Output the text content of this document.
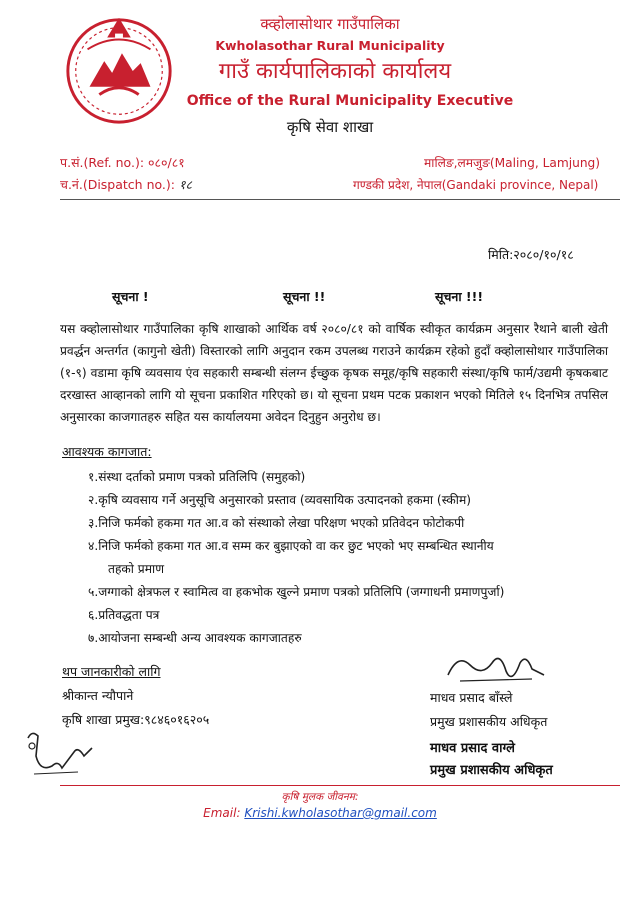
क्व्होलासोथार गाउँपालिका
Kwholasothar Rural Municipality
गाउँ कार्यपालिकाको कार्यालय
Office of the Rural Municipality Executive
कृषि सेवा शाखा
प.सं.(Ref. no.): ०८०/८१
च.नं.(Dispatch no.): १८
मालिङ,लमजुङ(Maling, Lamjung)
गण्डकी प्रदेश, नेपाल(Gandaki province, Nepal)
मिति:२०८०/१०/१८
सूचना !	सूचना !!	सूचना !!!
यस क्व्होलासोथार गाउँपालिका कृषि शाखाको आर्थिक वर्ष २०८०/८१ को वार्षिक स्वीकृत कार्यक्रम अनुसार रैथाने बाली खेती प्रवर्द्धन अन्तर्गत (कागुनो खेती) विस्तारको लागि अनुदान रकम उपलब्ध गराउने कार्यक्रम रहेको हुदाँ क्व्होलासोथार गाउँपालिका (१-९) वडामा कृषि व्यवसाय एंव सहकारी सम्बन्धी संलग्न ईच्छुक कृषक समूह/कृषि सहकारी संस्था/कृषि फार्म/उद्यमी कृषकबाट दरखास्त आव्हानको लागि यो सूचना प्रकाशित गरिएको छ। यो सूचना प्रथम पटक प्रकाशन भएको मितिले १५ दिनभित्र तपसिल अनुसारका काजगातहरु सहित यस कार्यालयमा अवेदन दिनुहुन अनुरोध छ।
आवश्यक कागजात:
१.संस्था दर्ताको प्रमाण पत्रको प्रतिलिपि (समुहको)
२.कृषि व्यवसाय गर्ने अनुसूचि अनुसारको प्रस्ताव (व्यवसायिक उत्पादनको हकमा (स्कीम)
३.निजि फर्मको हकमा गत आ.व को संस्थाको लेखा परिक्षण भएको प्रतिवेदन फोटोकपी
४.निजि फर्मको हकमा गत आ.व सम्म कर बुझाएको वा कर छुट भएको भए सम्बन्धित स्थानीय
तहको प्रमाण
५.जग्गाको क्षेत्रफल र स्वामित्व वा हकभोक खुल्ने प्रमाण पत्रको प्रतिलिपि (जग्गाधनी प्रमाणपुर्जा)
६.प्रतिवद्धता पत्र
७.आयोजना सम्बन्धी अन्य आवश्यक कागजातहरु
थप जानकारीको लागि
श्रीकान्त न्यौपाने
कृषि शाखा प्रमुख:९८४६०१६२०५
माधव प्रसाद बाँस्ले
प्रमुख प्रशासकीय अधिकृत
माधव प्रसाद वाग्ले
प्रमुख प्रशासकीय अधिकृत
कृषि मुलक जीवनम:
Email: Krishi.kwholasothar@gmail.com
